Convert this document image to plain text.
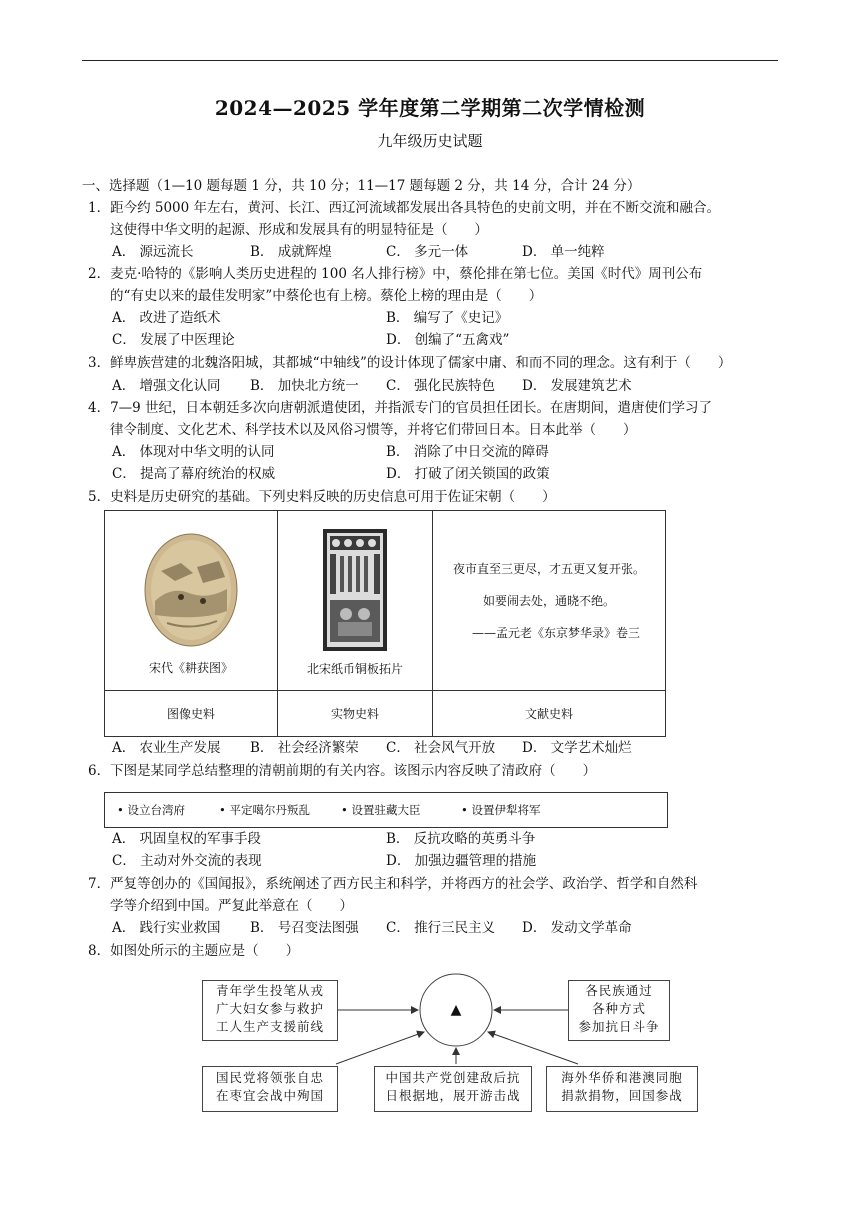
2024—2025 学年度第二学期第二次学情检测
九年级历史试题
一、选择题（1—10 题每题 1 分，共 10 分；11—17 题每题 2 分，共 14 分，合计 24 分）
1．距今约 5000 年左右，黄河、长江、西辽河流域都发展出各具特色的史前文明，并在不断交流和融合。
这使得中华文明的起源、形成和发展具有的明显特征是（　　）
A． 源远流长	B． 成就辉煌	C． 多元一体	D． 单一纯粹
2．麦克·哈特的《影响人类历史进程的 100 名人排行榜》中，蔡伦排在第七位。美国《时代》周刊公布
的“有史以来的最佳发明家”中蔡伦也有上榜。蔡伦上榜的理由是（　　）
A． 改进了造纸术	B． 编写了《史记》
C． 发展了中医理论	D． 创编了“五禽戏”
3．鲜卑族营建的北魏洛阳城，其都城“中轴线”的设计体现了儒家中庸、和而不同的理念。这有利于（　　）
A． 增强文化认同 B． 加快北方统一 C． 强化民族特色 D． 发展建筑艺术
4．7—9 世纪，日本朝廷多次向唐朝派遣使团，并指派专门的官员担任团长。在唐期间，遣唐使们学习了
律令制度、文化艺术、科学技术以及风俗习惯等，并将它们带回日本。日本此举（　　）
A． 体现对中华文明的认同	B． 消除了中日交流的障碍
C． 提高了幕府统治的权威	D． 打破了闭关锁国的政策
5．史料是历史研究的基础。下列史料反映的历史信息可用于佐证宋朝（　　）
宋代《耕获图》	北宋纸币铜板拓片	夜市直至三更尽，才五更又复开张。
如要闹去处，通晓不绝。
——孟元老《东京梦华录》卷三

图像史料	实物史料	文献史料
A． 农业生产发展 B． 社会经济繁荣 C． 社会风气开放 D． 文学艺术灿烂
6．下图是某同学总结整理的清朝前期的有关内容。该图示内容反映了清政府（　　）
• 设立台湾府	• 平定噶尔丹叛乱	• 设置驻藏大臣	• 设置伊犁将军
A． 巩固皇权的军事手段	B． 反抗攻略的英勇斗争
C． 主动对外交流的表现	D． 加强边疆管理的措施
7．严复等创办的《国闻报》，系统阐述了西方民主和科学，并将西方的社会学、政治学、哲学和自然科
学等介绍到中国。严复此举意在（　　）
A． 践行实业救国 B． 号召变法图强 C． 推行三民主义 D． 发动文学革命
8．如图处所示的主题应是（　　）
▲
青年学生投笔从戎
广大妇女参与救护
工人生产支援前线
各民族通过
各种方式
参加抗日斗争
国民党将领张自忠
在枣宜会战中殉国
中国共产党创建敌后抗
日根据地，展开游击战
海外华侨和港澳同胞
捐款捐物，回国参战
